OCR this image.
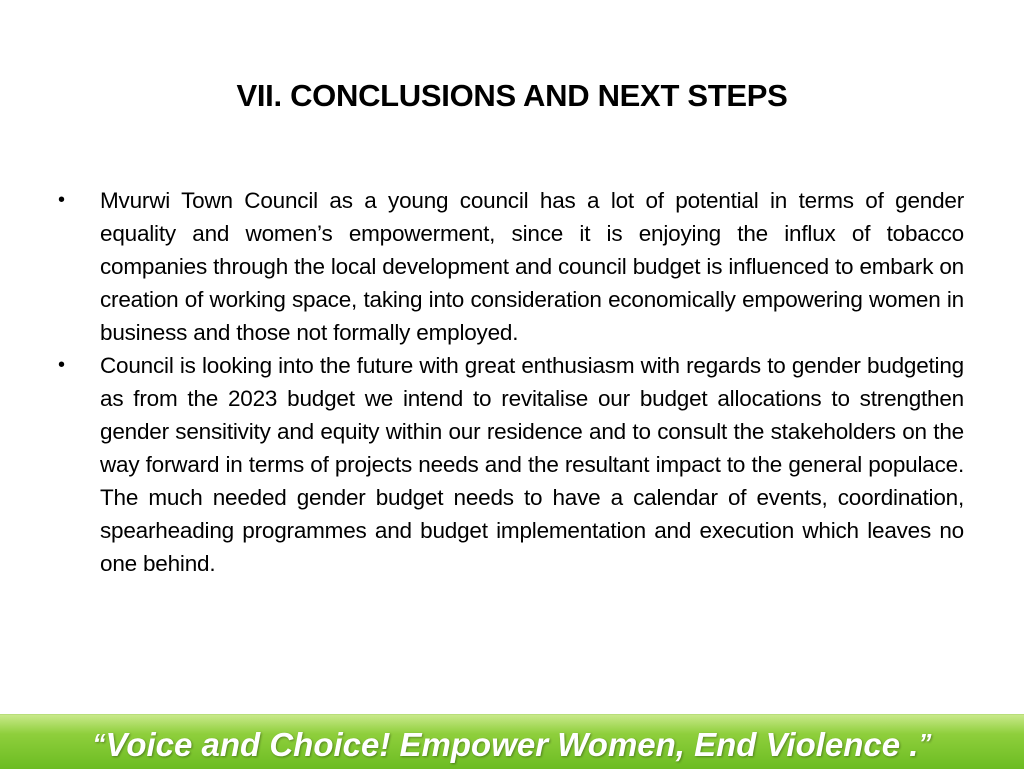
VII. CONCLUSIONS AND NEXT STEPS
•	Mvurwi Town Council as a young council has a lot of potential in terms of gender equality and women’s empowerment, since it is enjoying the influx of tobacco companies through the local development and council budget is influenced to embark on creation of working space, taking into consideration economically empowering women in business and those not formally employed.
•	Council is looking into the future with great enthusiasm with regards to gender budgeting as from the 2023 budget we intend to revitalise our budget allocations to strengthen gender sensitivity and equity within our residence and to consult the stakeholders on the way forward in terms of projects needs and the resultant impact to the general populace. The much needed gender budget needs to have a calendar of events, coordination, spearheading programmes and budget implementation and execution which leaves no one behind.
“Voice and Choice! Empower Women, End Violence .”
